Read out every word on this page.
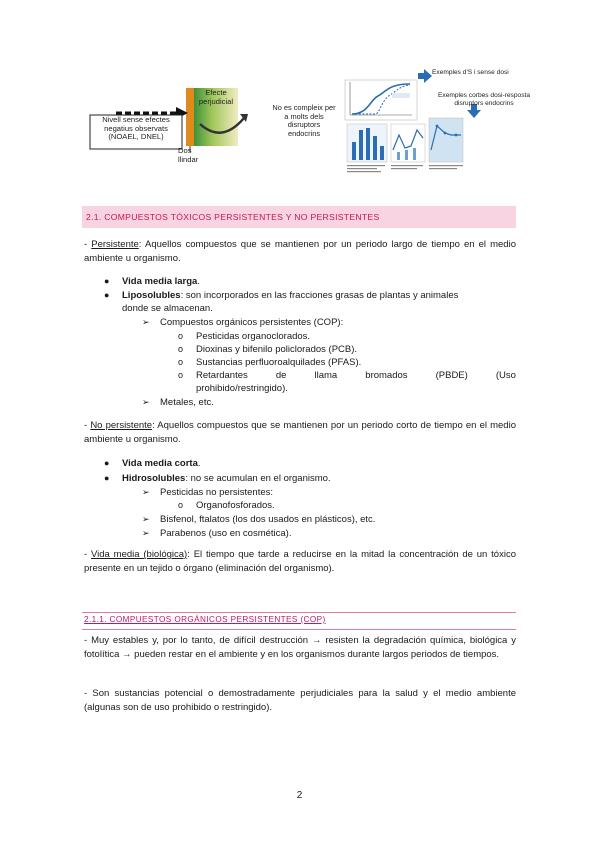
Nivell sense efectes
negatius observats
(NOAEL, DNEL)
Efecte
perjudicial
Dos
llindar
No es compleix per
a molts dels
disruptors
endocrins
Exemples d'S i sense dosi
Exemples corbes dosi-resposta
disruptors endocrins
2.1. COMPUESTOS TÓXICOS PERSISTENTES Y NO PERSISTENTES
- Persistente: Aquellos compuestos que se mantienen por un periodo largo de tiempo en el medio ambiente u organismo.
● Vida media larga.
● Liposolubles: son incorporados en las fracciones grasas de plantas y animales
donde se almacenan.
➢ Compuestos orgánicos persistentes (COP):
o Pesticidas organoclorados.
o Dioxinas y bifenilo policlorados (PCB).
o Sustancias perfluoroalquilades (PFAS).
o Retardantes	de	llama	bromados	(PBDE)	(Uso
prohibido/restringido).
➢ Metales, etc.
- No persistente: Aquellos compuestos que se mantienen por un periodo corto de tiempo en el medio ambiente u organismo.
● Vida media corta.
● Hidrosolubles: no se acumulan en el organismo.
➢ Pesticidas no persistentes:
o Organofosforados.
➢ Bisfenol, ftalatos (los dos usados en plásticos), etc.
➢ Parabenos (uso en cosmética).
- Vida media (biológica): El tiempo que tarde a reducirse en la mitad la concentración de un tóxico presente en un tejido o órgano (eliminación del organismo).
2.1.1. COMPUESTOS ORGÁNICOS PERSISTENTES (COP)
- Muy estables y, por lo tanto, de difícil destrucción → resisten la degradación química, biológica y fotolítica → pueden restar en el ambiente y en los organismos durante largos periodos de tiempos.
- Son sustancias potencial o demostradamente perjudiciales para la salud y el medio ambiente (algunas son de uso prohibido o restringido).
2
